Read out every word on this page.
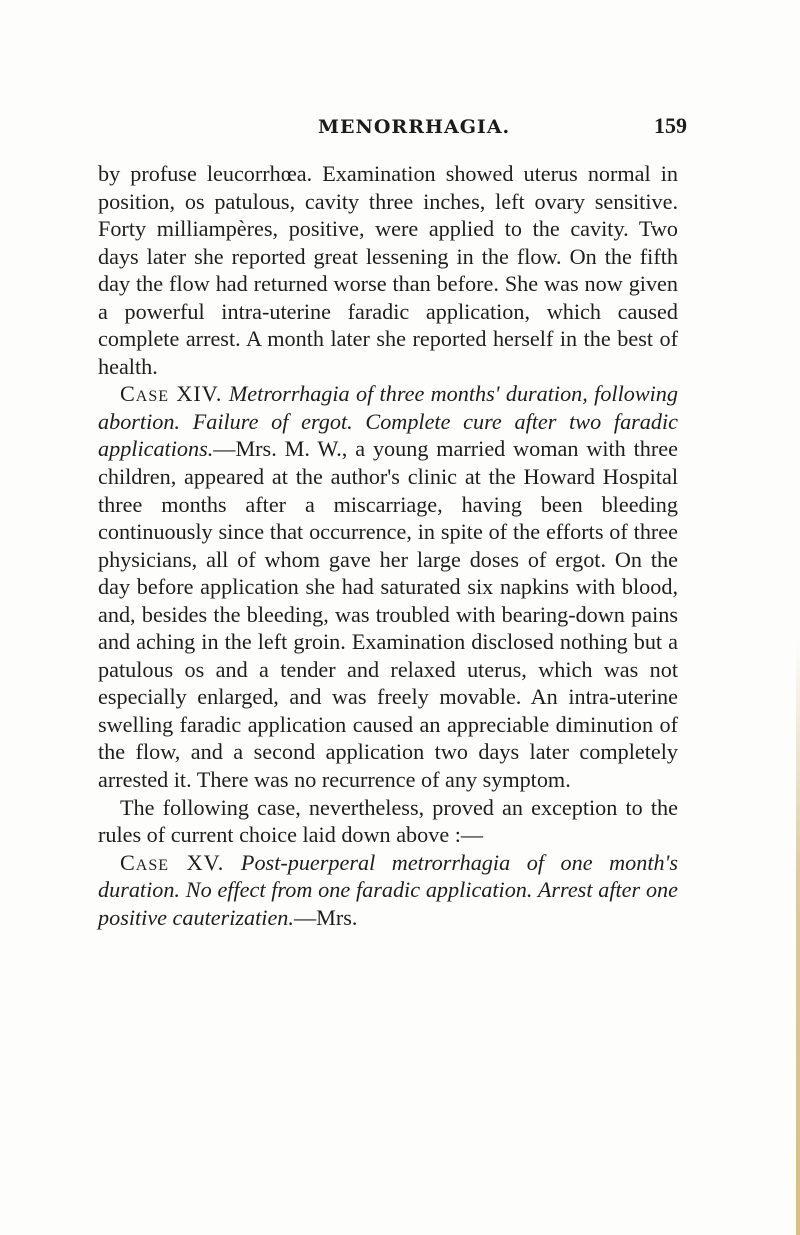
MENORRHAGIA.	159

by profuse leucorrhœa. Examination showed uterus normal in position, os patulous, cavity three inches, left ovary sensitive. Forty milliampères, positive, were applied to the cavity. Two days later she reported great lessening in the flow. On the fifth day the flow had returned worse than before. She was now given a powerful intra-uterine faradic application, which caused complete arrest. A month later she reported herself in the best of health.

Case XIV. Metrorrhagia of three months' duration, following abortion. Failure of ergot. Complete cure after two faradic applications.—Mrs. M. W., a young married woman with three children, appeared at the author's clinic at the Howard Hospital three months after a miscarriage, having been bleeding continuously since that occurrence, in spite of the efforts of three physicians, all of whom gave her large doses of ergot. On the day before application she had saturated six napkins with blood, and, besides the bleeding, was troubled with bearing-down pains and aching in the left groin. Examination disclosed nothing but a patulous os and a tender and relaxed uterus, which was not especially enlarged, and was freely movable. An intra-uterine swelling faradic application caused an appreciable diminution of the flow, and a second application two days later completely arrested it. There was no recurrence of any symptom.

The following case, nevertheless, proved an exception to the rules of current choice laid down above :—

Case XV. Post-puerperal metrorrhagia of one month's duration. No effect from one faradic application. Arrest after one positive cauterizatien.—Mrs.
